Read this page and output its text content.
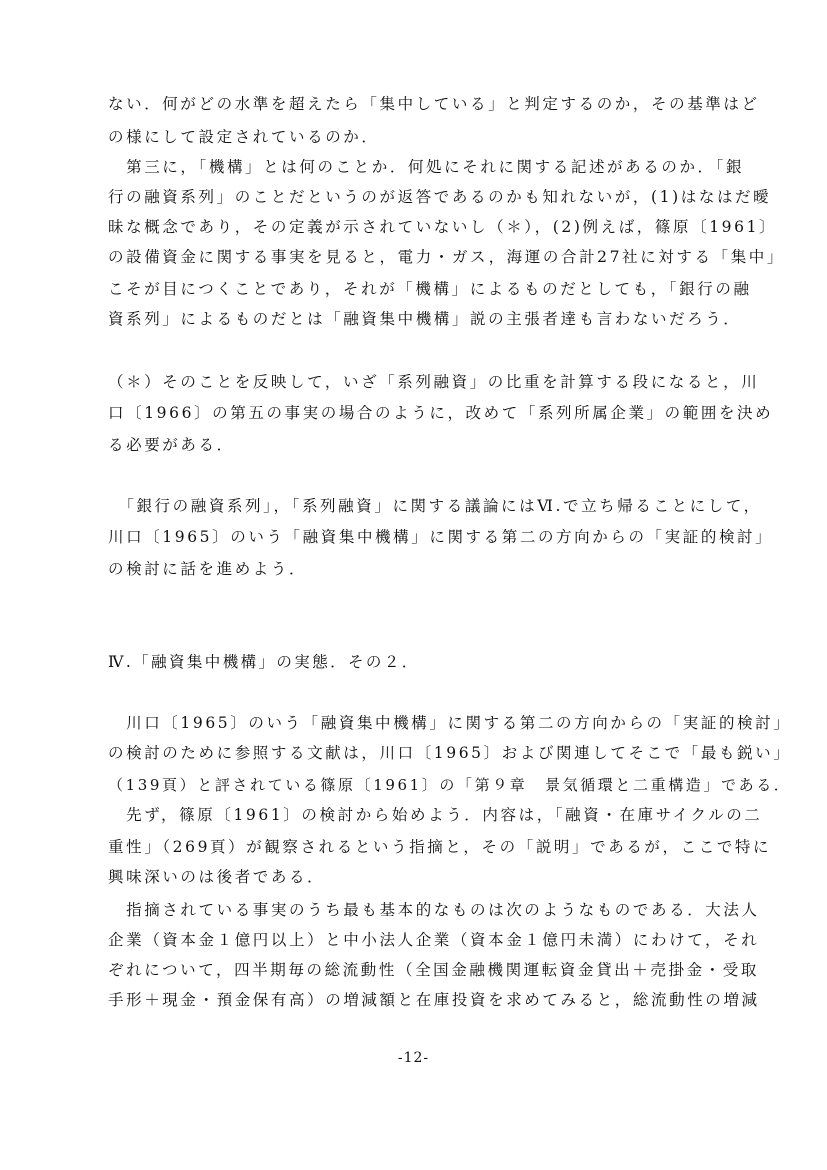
ない．何がどの水準を超えたら「集中している」と判定するのか，その基準はど
の様にして設定されているのか．
　第三に，「機構」とは何のことか．何処にそれに関する記述があるのか．「銀
行の融資系列」のことだというのが返答であるのかも知れないが，(1)はなはだ曖
昧な概念であり，その定義が示されていないし（＊），(2)例えば，篠原〔1961〕
の設備資金に関する事実を見ると，電力・ガス，海運の合計27社に対する「集中」
こそが目につくことであり，それが「機構」によるものだとしても，「銀行の融
資系列」によるものだとは「融資集中機構」説の主張者達も言わないだろう．
（＊）そのことを反映して，いざ「系列融資」の比重を計算する段になると，川
口〔1966〕の第五の事実の場合のように，改めて「系列所属企業」の範囲を決め
る必要がある．
　「銀行の融資系列」，「系列融資」に関する議論にはⅥ.で立ち帰ることにして，
川口〔1965〕のいう「融資集中機構」に関する第二の方向からの「実証的検討」
の検討に話を進めよう．
Ⅳ.「融資集中機構」の実態．その２．
　川口〔1965〕のいう「融資集中機構」に関する第二の方向からの「実証的検討」
の検討のために参照する文献は，川口〔1965〕および関連してそこで「最も鋭い」
（139頁）と評されている篠原〔1961〕の「第９章　景気循環と二重構造」である．
　先ず，篠原〔1961〕の検討から始めよう．内容は，「融資・在庫サイクルの二
重性」（269頁）が観察されるという指摘と，その「説明」であるが，ここで特に
興味深いのは後者である．
　指摘されている事実のうち最も基本的なものは次のようなものである．大法人
企業（資本金１億円以上）と中小法人企業（資本金１億円未満）にわけて，それ
ぞれについて，四半期毎の総流動性（全国金融機関運転資金貸出＋売掛金・受取
手形＋現金・預金保有高）の増減額と在庫投資を求めてみると，総流動性の増減
-12-
